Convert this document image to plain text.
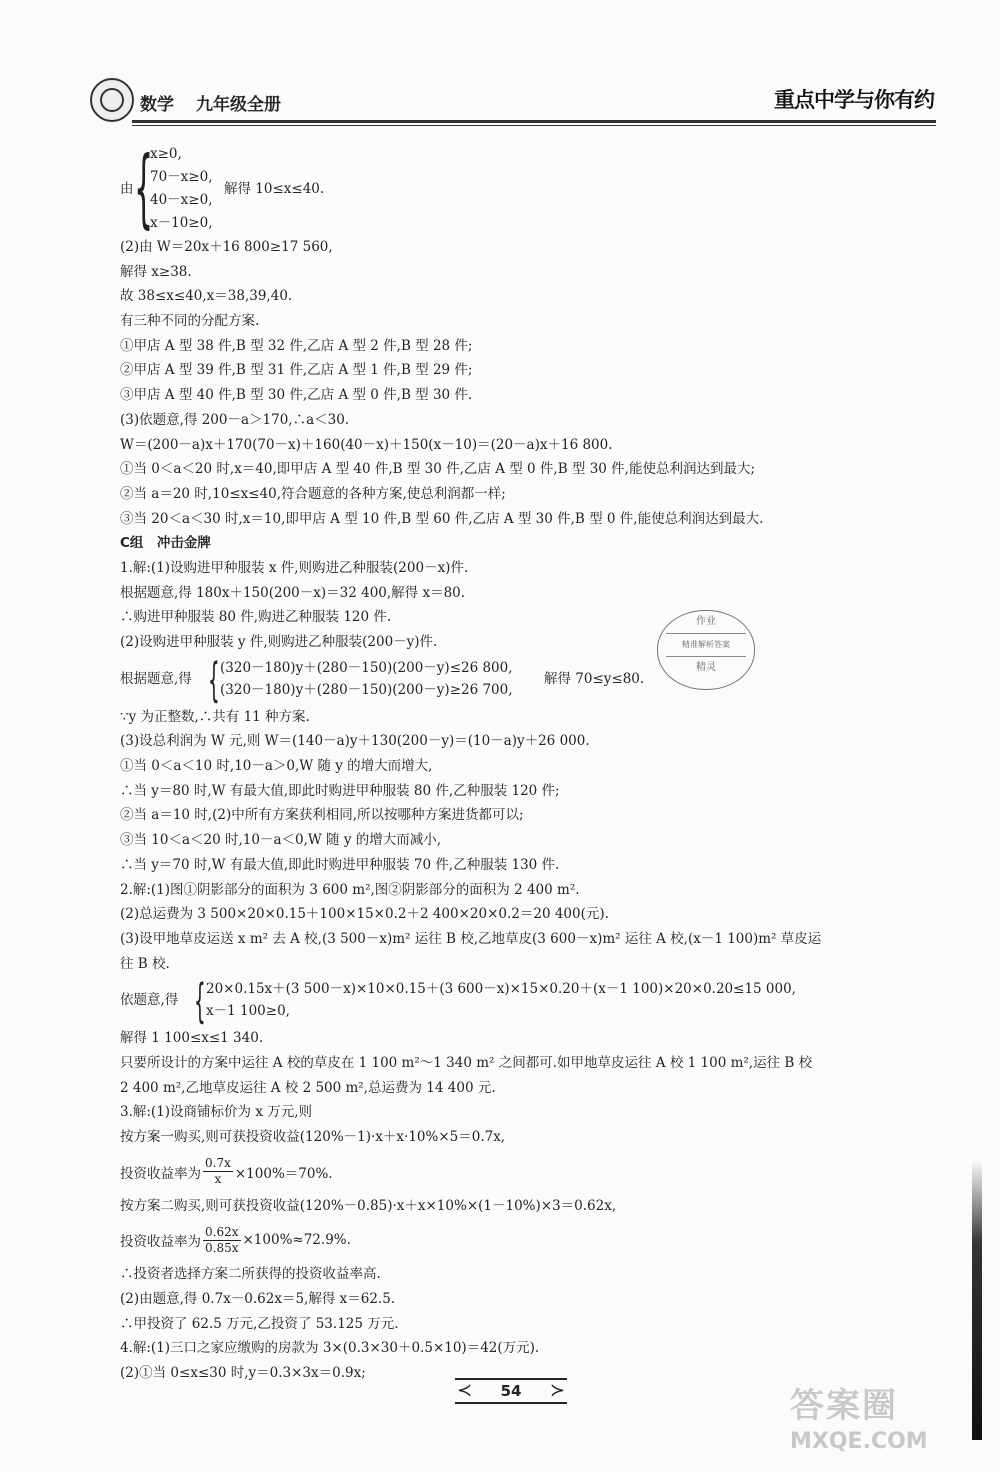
数学 九年级全册	重点中学与你有约
由 {
x≥0,
70－x≥0,
40－x≥0,
x－10≥0,
解得 10≤x≤40.
(2)由 W＝20x＋16 800≥17 560,
解得 x≥38.
故 38≤x≤40,x＝38,39,40.
有三种不同的分配方案.
①甲店 A 型 38 件,B 型 32 件,乙店 A 型 2 件,B 型 28 件;
②甲店 A 型 39 件,B 型 31 件,乙店 A 型 1 件,B 型 29 件;
③甲店 A 型 40 件,B 型 30 件,乙店 A 型 0 件,B 型 30 件.
(3)依题意,得 200－a＞170,∴a＜30.
W＝(200－a)x＋170(70－x)＋160(40－x)＋150(x－10)＝(20－a)x＋16 800.
①当 0＜a＜20 时,x＝40,即甲店 A 型 40 件,B 型 30 件,乙店 A 型 0 件,B 型 30 件,能使总利润达到最大;
②当 a＝20 时,10≤x≤40,符合题意的各种方案,使总利润都一样;
③当 20＜a＜30 时,x＝10,即甲店 A 型 10 件,B 型 60 件,乙店 A 型 30 件,B 型 0 件,能使总利润达到最大.
C组　冲击金牌
1.解:(1)设购进甲种服装 x 件,则购进乙种服装(200－x)件.
根据题意,得 180x＋150(200－x)＝32 400,解得 x＝80.
∴购进甲种服装 80 件,购进乙种服装 120 件.
(2)设购进甲种服装 y 件,则购进乙种服装(200－y)件.
根据题意,得 { (320－180)y＋(280－150)(200－y)≤26 800,
(320－180)y＋(280－150)(200－y)≥26 700,
解得 70≤y≤80.
∵y 为正整数,∴共有 11 种方案.
(3)设总利润为 W 元,则 W＝(140－a)y＋130(200－y)＝(10－a)y＋26 000.
①当 0＜a＜10 时,10－a＞0,W 随 y 的增大而增大,
∴当 y＝80 时,W 有最大值,即此时购进甲种服装 80 件,乙种服装 120 件;
②当 a＝10 时,(2)中所有方案获利相同,所以按哪种方案进货都可以;
③当 10＜a＜20 时,10－a＜0,W 随 y 的增大而减小,
∴当 y＝70 时,W 有最大值,即此时购进甲种服装 70 件,乙种服装 130 件.
2.解:(1)图①阴影部分的面积为 3 600 m²,图②阴影部分的面积为 2 400 m².
(2)总运费为 3 500×20×0.15＋100×15×0.2＋2 400×20×0.2＝20 400(元).
(3)设甲地草皮运送 x m² 去 A 校,(3 500－x)m² 运往 B 校,乙地草皮(3 600－x)m² 运往 A 校,(x－1 100)m² 草皮运
往 B 校.
依题意,得 { 20×0.15x＋(3 500－x)×10×0.15＋(3 600－x)×15×0.20＋(x－1 100)×20×0.20≤15 000,
x－1 100≥0,
解得 1 100≤x≤1 340.
只要所设计的方案中运往 A 校的草皮在 1 100 m²～1 340 m² 之间都可.如甲地草皮运往 A 校 1 100 m²,运往 B 校
2 400 m²,乙地草皮运往 A 校 2 500 m²,总运费为 14 400 元.
3.解:(1)设商铺标价为 x 万元,则
按方案一购买,则可获投资收益(120%－1)·x＋x·10%×5＝0.7x,
投资收益率为 $\frac{0.7x}{x} \times 100\%=70\%$.
按方案二购买,则可获投资收益(120%－0.85)·x＋x×10%×(1－10%)×3＝0.62x,
投资收益率为 $\frac{0.62x}{0.85x} \times 100\%\approx 72.9\%$.
∴投资者选择方案二所获得的投资收益率高.
(2)由题意,得 0.7x－0.62x＝5,解得 x＝62.5.
∴甲投资了 62.5 万元,乙投资了 53.125 万元.
4.解:(1)三口之家应缴购的房款为 3×(0.3×30＋0.5×10)＝42(万元).
(2)①当 0≤x≤30 时,y＝0.3×3x＝0.9x;
作业
精准解析答案
精灵
≺ 54 ≻	答案圈
MXQE.COM
